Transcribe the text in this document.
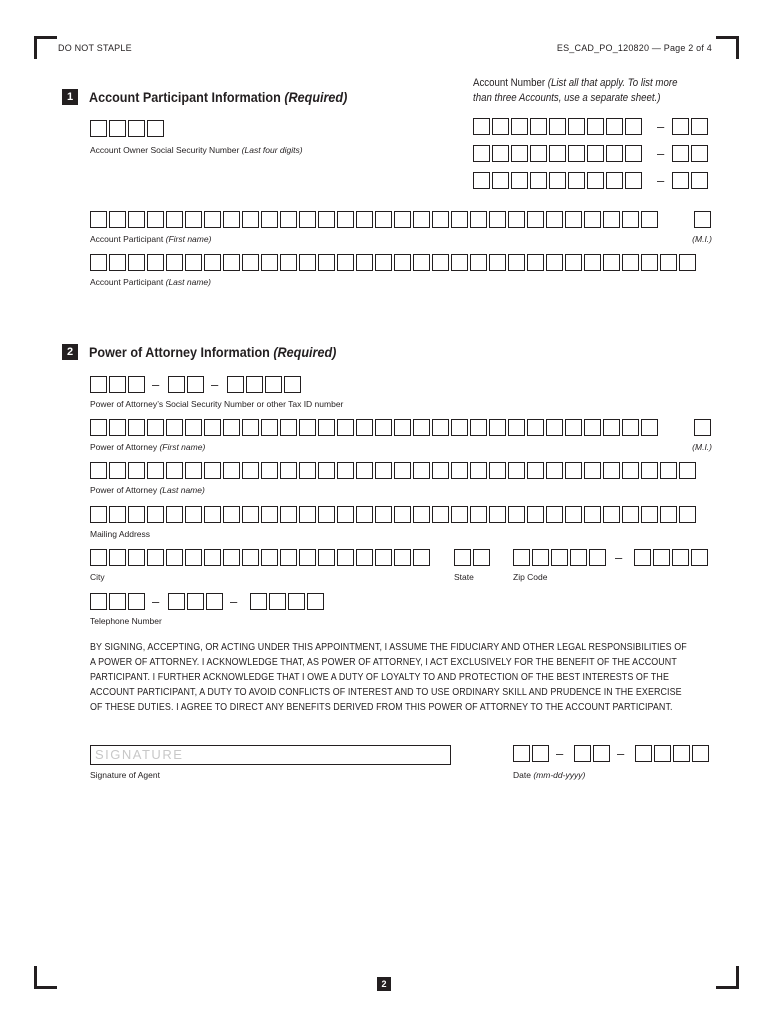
DO NOT STAPLE	ES_CAD_PO_120820 — Page 2 of 4
1	Account Participant Information (Required)
Account Number (List all that apply. To list more
than three Accounts, use a separate sheet.)
Account Owner Social Security Number (Last four digits)
–
–
–
Account Participant (First name)	(M.I.)
Account Participant (Last name)
2	Power of Attorney Information (Required)
–	–
Power of Attorney’s Social Security Number or other Tax ID number
Power of Attorney (First name)	(M.I.)
Power of Attorney (Last name)
Mailing Address
–
City	State	Zip Code
–	–
Telephone Number
BY SIGNING, ACCEPTING, OR ACTING UNDER THIS APPOINTMENT, I ASSUME THE FIDUCIARY AND OTHER LEGAL RESPONSIBILITIES OF A POWER OF ATTORNEY. I ACKNOWLEDGE THAT, AS POWER OF ATTORNEY, I ACT EXCLUSIVELY FOR THE BENEFIT OF THE ACCOUNT PARTICIPANT. I FURTHER ACKNOWLEDGE THAT I OWE A DUTY OF LOYALTY TO AND PROTECTION OF THE BEST INTERESTS OF THE ACCOUNT PARTICIPANT, A DUTY TO AVOID CONFLICTS OF INTEREST AND TO USE ORDINARY SKILL AND PRUDENCE IN THE EXERCISE OF THESE DUTIES. I AGREE TO DIRECT ANY BENEFITS DERIVED FROM THIS POWER OF ATTORNEY TO THE ACCOUNT PARTICIPANT.
SIGNATURE
Signature of Agent
–	–
Date (mm-dd-yyyy)
2
